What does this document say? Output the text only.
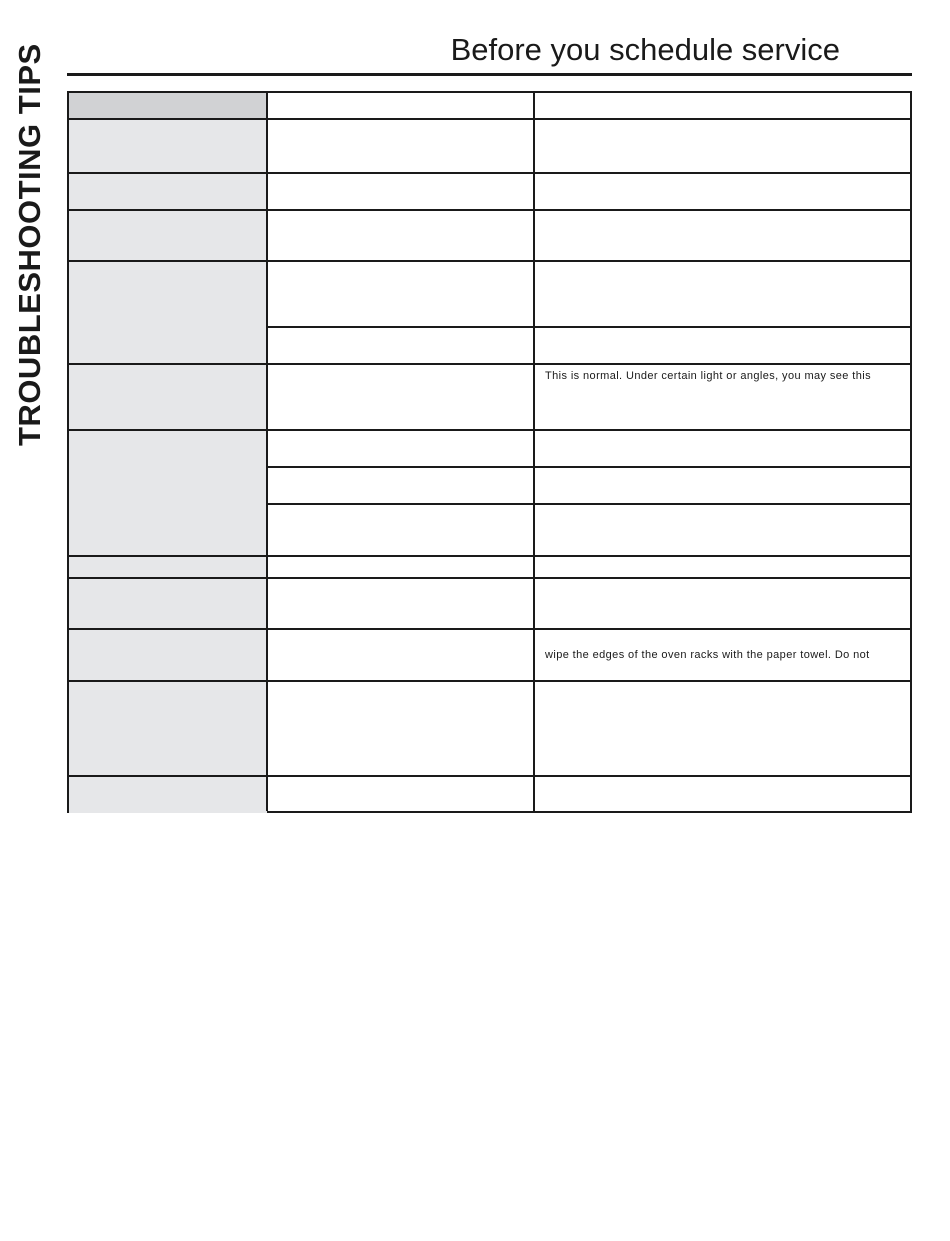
TROUBLESHOOTING TIPS	Before you schedule service
This is normal. Under certain light or angles, you may see this
wipe the edges of the oven racks with the paper towel. Do not
